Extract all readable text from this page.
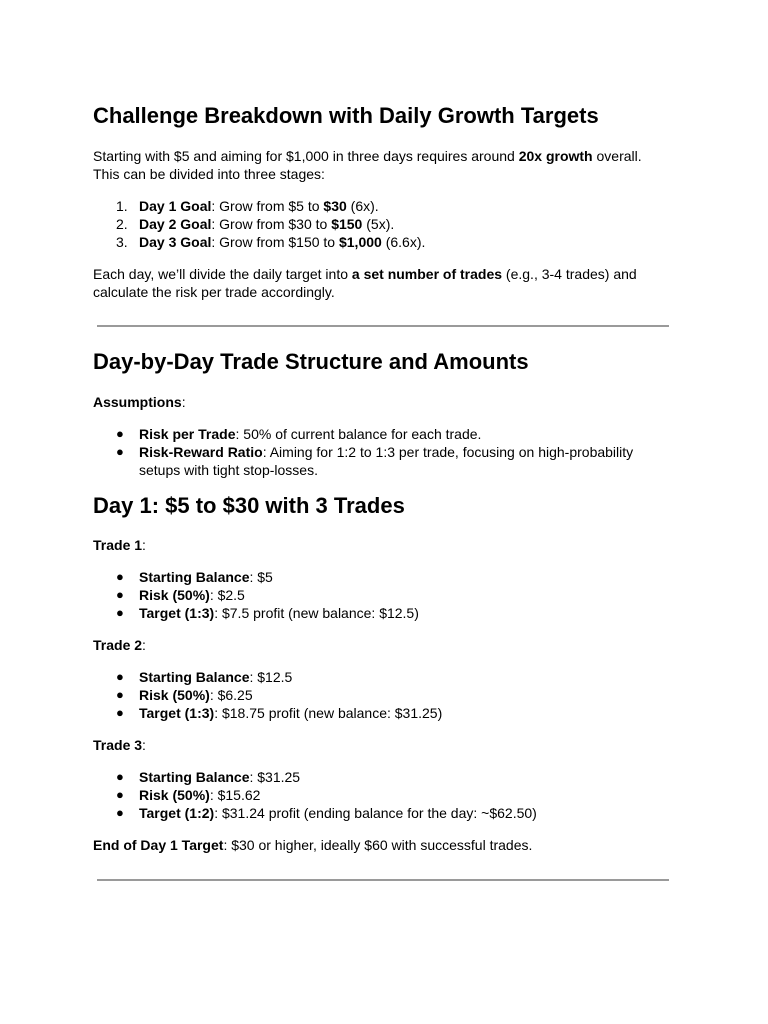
Challenge Breakdown with Daily Growth Targets

Starting with $5 and aiming for $1,000 in three days requires around 20x growth overall.
This can be divided into three stages:

1. Day 1 Goal: Grow from $5 to $30 (6x).
2. Day 2 Goal: Grow from $30 to $150 (5x).
3. Day 3 Goal: Grow from $150 to $1,000 (6.6x).

Each day, we’ll divide the daily target into a set number of trades (e.g., 3-4 trades) and
calculate the risk per trade accordingly.

Day-by-Day Trade Structure and Amounts

Assumptions:

● Risk per Trade: 50% of current balance for each trade.
● Risk-Reward Ratio: Aiming for 1:2 to 1:3 per trade, focusing on high-probability
setups with tight stop-losses.
Day 1: $5 to $30 with 3 Trades

Trade 1:

● Starting Balance: $5
● Risk (50%): $2.5
● Target (1:3): $7.5 profit (new balance: $12.5)

Trade 2:

● Starting Balance: $12.5
● Risk (50%): $6.25
● Target (1:3): $18.75 profit (new balance: $31.25)

Trade 3:

● Starting Balance: $31.25
● Risk (50%): $15.62
● Target (1:2): $31.24 profit (ending balance for the day: ~$62.50)

End of Day 1 Target: $30 or higher, ideally $60 with successful trades.
